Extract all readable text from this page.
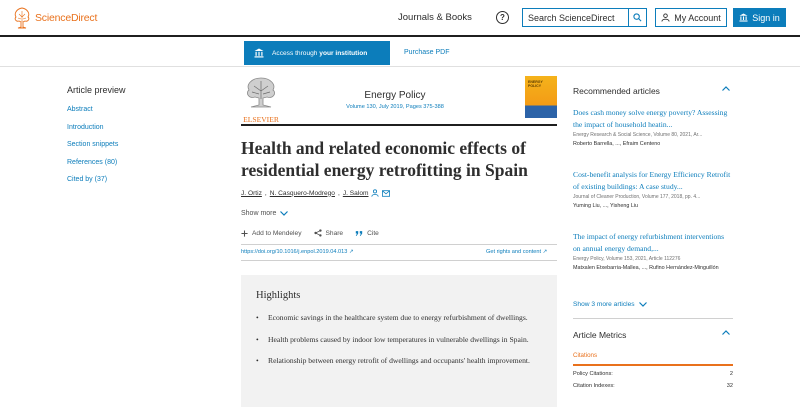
ScienceDirect	Journals & Books	?	Search ScienceDirect	My Account	Sign in
Access through your institution	Purchase PDF
Article preview
Abstract
Introduction
Section snippets
References (80)
Cited by (37)
ELSEVIER
Energy Policy
Volume 130, July 2019, Pages 375-388
ENERGY POLICY
Health and related economic effects of residential energy retrofitting in Spain
J. Ortiz , N. Casquero-Modrego , J. Salom
Show more
Add to Mendeley	Share	Cite
https://doi.org/10.1016/j.enpol.2019.04.013 ↗	Get rights and content ↗
Highlights
• Economic savings in the healthcare system due to energy refurbishment of dwellings.
• Health problems caused by indoor low temperatures in vulnerable dwellings in Spain.
• Relationship between energy retrofit of dwellings and occupants' health improvement.
Recommended articles
Does cash money solve energy poverty? Assessing the impact of household heatin...
Energy Research & Social Science, Volume 80, 2021, Ar...
Roberto Barrella, ..., Efraim Centeno
Cost-benefit analysis for Energy Efficiency Retrofit of existing buildings: A case study...
Journal of Cleaner Production, Volume 177, 2018, pp. 4...
Yuming Liu, ..., Yisheng Liu
The impact of energy refurbishment interventions on annual energy demand,...
Energy Policy, Volume 153, 2021, Article 112276
Matxalen Etxebarria-Mallea, ..., Rufino Hernández-Minguillón
Show 3 more articles
Article Metrics
Citations
Policy Citations:	2
Citation Indexes:	32
